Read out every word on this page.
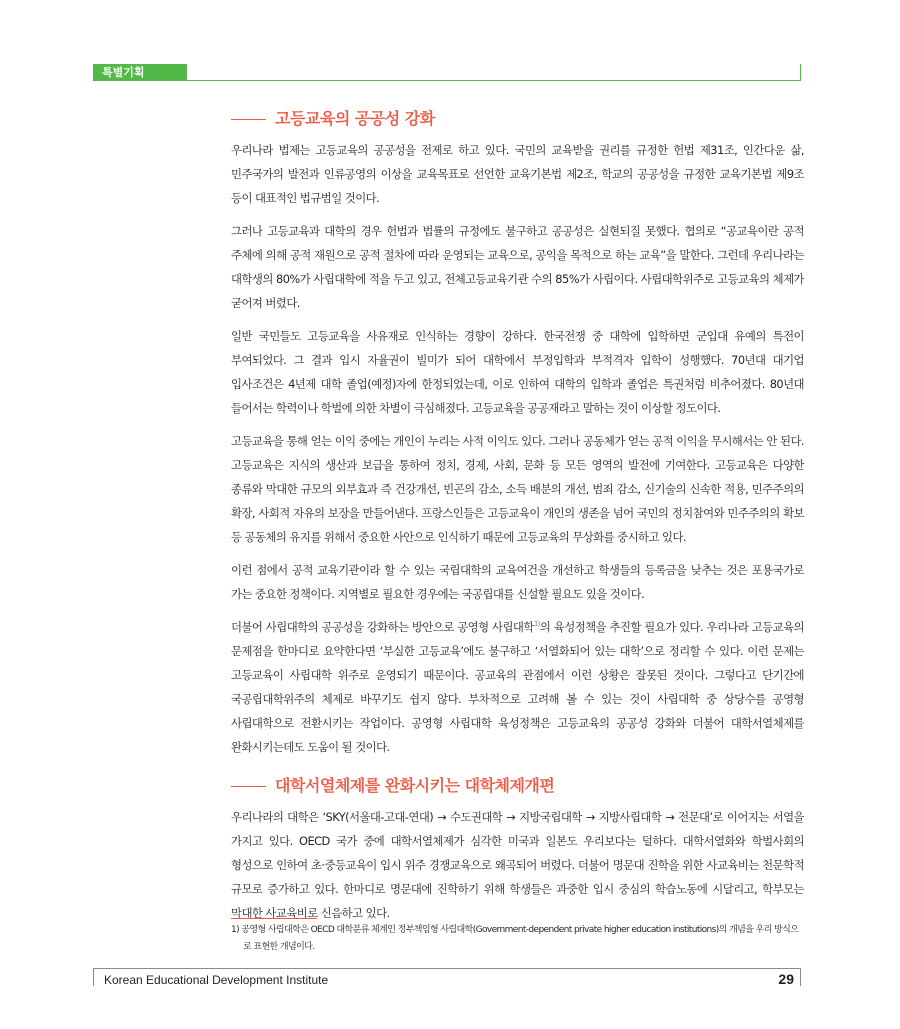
특별기획
고등교육의 공공성 강화

우리나라 법제는 고등교육의 공공성을 전제로 하고 있다. 국민의 교육받을 권리를 규정한 헌법 제31조, 인간다운 삶, 민주국가의 발전과 인류공영의 이상을 교육목표로 선언한 교육기본법 제2조, 학교의 공공성을 규정한 교육기본법 제9조 등이 대표적인 법규범일 것이다.

그러나 고등교육과 대학의 경우 헌법과 법률의 규정에도 불구하고 공공성은 실현되질 못했다. 협의로 “공교육이란 공적 주체에 의해 공적 재원으로 공적 절차에 따라 운영되는 교육으로, 공익을 목적으로 하는 교육”을 말한다. 그런데 우리나라는 대학생의 80%가 사립대학에 적을 두고 있고, 전체고등교육기관 수의 85%가 사립이다. 사립대학위주로 고등교육의 체제가 굳어져 버렸다.

일반 국민들도 고등교육을 사유재로 인식하는 경향이 강하다. 한국전쟁 중 대학에 입학하면 군입대 유예의 특전이 부여되었다. 그 결과 입시 자율권이 빌미가 되어 대학에서 부정입학과 부적격자 입학이 성행했다. 70년대 대기업 입사조건은 4년제 대학 졸업(예정)자에 한정되었는데, 이로 인하여 대학의 입학과 졸업은 특권처럼 비추어졌다. 80년대 들어서는 학력이나 학벌에 의한 차별이 극심해졌다. 고등교육을 공공재라고 말하는 것이 이상할 정도이다.

고등교육을 통해 얻는 이익 중에는 개인이 누리는 사적 이익도 있다. 그러나 공동체가 얻는 공적 이익을 무시해서는 안 된다. 고등교육은 지식의 생산과 보급을 통하여 정치, 경제, 사회, 문화 등 모든 영역의 발전에 기여한다. 고등교육은 다양한 종류와 막대한 규모의 외부효과 즉 건강개선, 빈곤의 감소, 소득 배분의 개선, 범죄 감소, 신기술의 신속한 적용, 민주주의의 확장, 사회적 자유의 보장을 만들어낸다. 프랑스인들은 고등교육이 개인의 생존을 넘어 국민의 정치참여와 민주주의의 확보 등 공동체의 유지를 위해서 중요한 사안으로 인식하기 때문에 고등교육의 무상화를 중시하고 있다.

이런 점에서 공적 교육기관이라 할 수 있는 국립대학의 교육여건을 개선하고 학생들의 등록금을 낮추는 것은 포용국가로 가는 중요한 정책이다. 지역별로 필요한 경우에는 국공립대를 신설할 필요도 있을 것이다.

더불어 사립대학의 공공성을 강화하는 방안으로 공영형 사립대학$^{1)}$의 육성정책을 추진할 필요가 있다. 우리나라 고등교육의 문제점을 한마디로 요약한다면 ‘부실한 고등교육’에도 불구하고 ‘서열화되어 있는 대학’으로 정리할 수 있다. 이런 문제는 고등교육이 사립대학 위주로 운영되기 때문이다. 공교육의 관점에서 이런 상황은 잘못된 것이다. 그렇다고 단기간에 국공립대학위주의 체제로 바꾸기도 쉽지 않다. 부차적으로 고려해 볼 수 있는 것이 사립대학 중 상당수를 공영형 사립대학으로 전환시키는 작업이다. 공영형 사립대학 육성정책은 고등교육의 공공성 강화와 더불어 대학서열체제를 완화시키는데도 도움이 될 것이다.

대학서열체제를 완화시키는 대학체제개편

우리나라의 대학은 ‘SKY(서울대-고대-연대) → 수도권대학 → 지방국립대학 → 지방사립대학 → 전문대’로 이어지는 서열을 가지고 있다. OECD 국가 중에 대학서열체제가 심각한 미국과 일본도 우리보다는 덜하다. 대학서열화와 학벌사회의 형성으로 인하여 초·중등교육이 입시 위주 경쟁교육으로 왜곡되어 버렸다. 더불어 명문대 진학을 위한 사교육비는 천문학적 규모로 증가하고 있다. 한마디로 명문대에 진학하기 위해 학생들은 과중한 입시 중심의 학습노동에 시달리고, 학부모는 막대한 사교육비로 신음하고 있다.

1) 공영형 사립대학은 OECD 대학분류 체계인 정부책임형 사립대학(Government-dependent private higher education institutions)의 개념을 우리 방식으로 표현한 개념이다.
Korean Educational Development Institute	29
